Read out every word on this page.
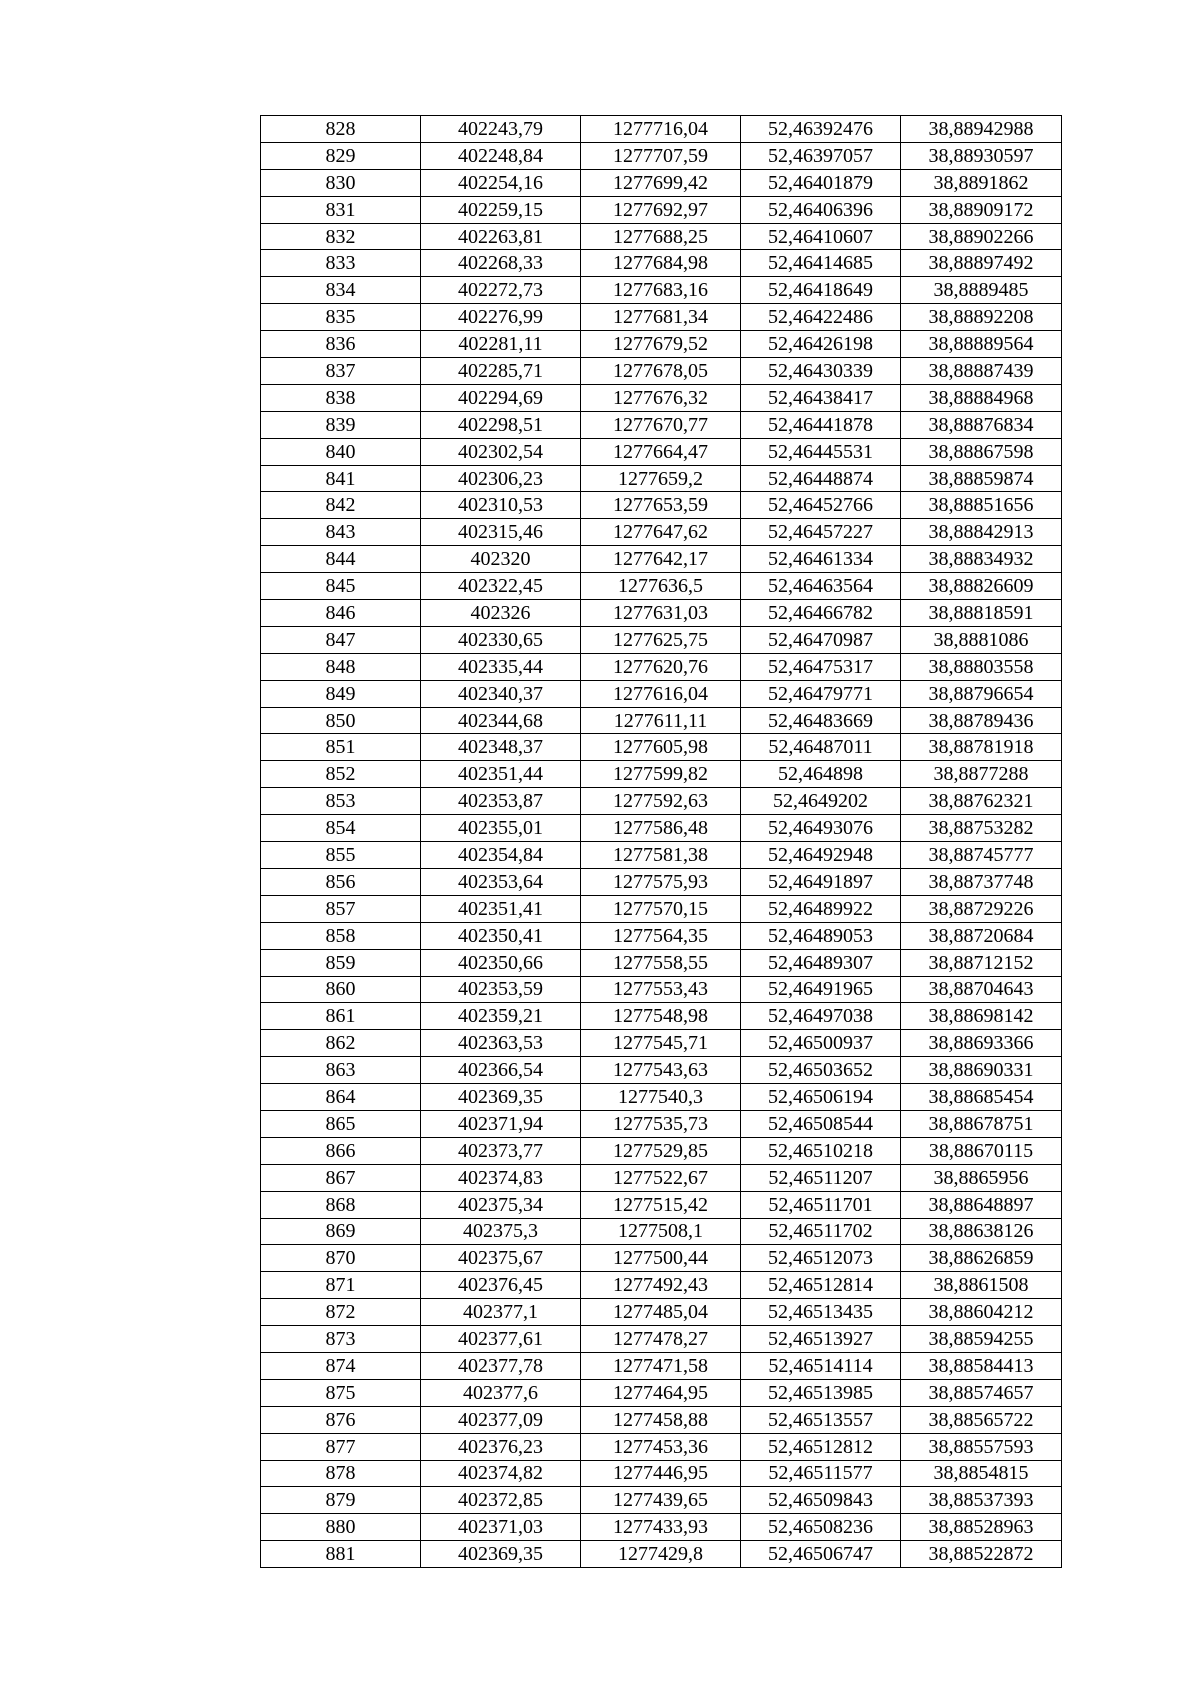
828	402243,79	1277716,04	52,46392476	38,88942988
829	402248,84	1277707,59	52,46397057	38,88930597
830	402254,16	1277699,42	52,46401879	38,8891862
831	402259,15	1277692,97	52,46406396	38,88909172
832	402263,81	1277688,25	52,46410607	38,88902266
833	402268,33	1277684,98	52,46414685	38,88897492
834	402272,73	1277683,16	52,46418649	38,8889485
835	402276,99	1277681,34	52,46422486	38,88892208
836	402281,11	1277679,52	52,46426198	38,88889564
837	402285,71	1277678,05	52,46430339	38,88887439
838	402294,69	1277676,32	52,46438417	38,88884968
839	402298,51	1277670,77	52,46441878	38,88876834
840	402302,54	1277664,47	52,46445531	38,88867598
841	402306,23	1277659,2	52,46448874	38,88859874
842	402310,53	1277653,59	52,46452766	38,88851656
843	402315,46	1277647,62	52,46457227	38,88842913
844	402320	1277642,17	52,46461334	38,88834932
845	402322,45	1277636,5	52,46463564	38,88826609
846	402326	1277631,03	52,46466782	38,88818591
847	402330,65	1277625,75	52,46470987	38,8881086
848	402335,44	1277620,76	52,46475317	38,88803558
849	402340,37	1277616,04	52,46479771	38,88796654
850	402344,68	1277611,11	52,46483669	38,88789436
851	402348,37	1277605,98	52,46487011	38,88781918
852	402351,44	1277599,82	52,464898	38,8877288
853	402353,87	1277592,63	52,4649202	38,88762321
854	402355,01	1277586,48	52,46493076	38,88753282
855	402354,84	1277581,38	52,46492948	38,88745777
856	402353,64	1277575,93	52,46491897	38,88737748
857	402351,41	1277570,15	52,46489922	38,88729226
858	402350,41	1277564,35	52,46489053	38,88720684
859	402350,66	1277558,55	52,46489307	38,88712152
860	402353,59	1277553,43	52,46491965	38,88704643
861	402359,21	1277548,98	52,46497038	38,88698142
862	402363,53	1277545,71	52,46500937	38,88693366
863	402366,54	1277543,63	52,46503652	38,88690331
864	402369,35	1277540,3	52,46506194	38,88685454
865	402371,94	1277535,73	52,46508544	38,88678751
866	402373,77	1277529,85	52,46510218	38,88670115
867	402374,83	1277522,67	52,46511207	38,8865956
868	402375,34	1277515,42	52,46511701	38,88648897
869	402375,3	1277508,1	52,46511702	38,88638126
870	402375,67	1277500,44	52,46512073	38,88626859
871	402376,45	1277492,43	52,46512814	38,8861508
872	402377,1	1277485,04	52,46513435	38,88604212
873	402377,61	1277478,27	52,46513927	38,88594255
874	402377,78	1277471,58	52,46514114	38,88584413
875	402377,6	1277464,95	52,46513985	38,88574657
876	402377,09	1277458,88	52,46513557	38,88565722
877	402376,23	1277453,36	52,46512812	38,88557593
878	402374,82	1277446,95	52,46511577	38,8854815
879	402372,85	1277439,65	52,46509843	38,88537393
880	402371,03	1277433,93	52,46508236	38,88528963
881	402369,35	1277429,8	52,46506747	38,88522872
